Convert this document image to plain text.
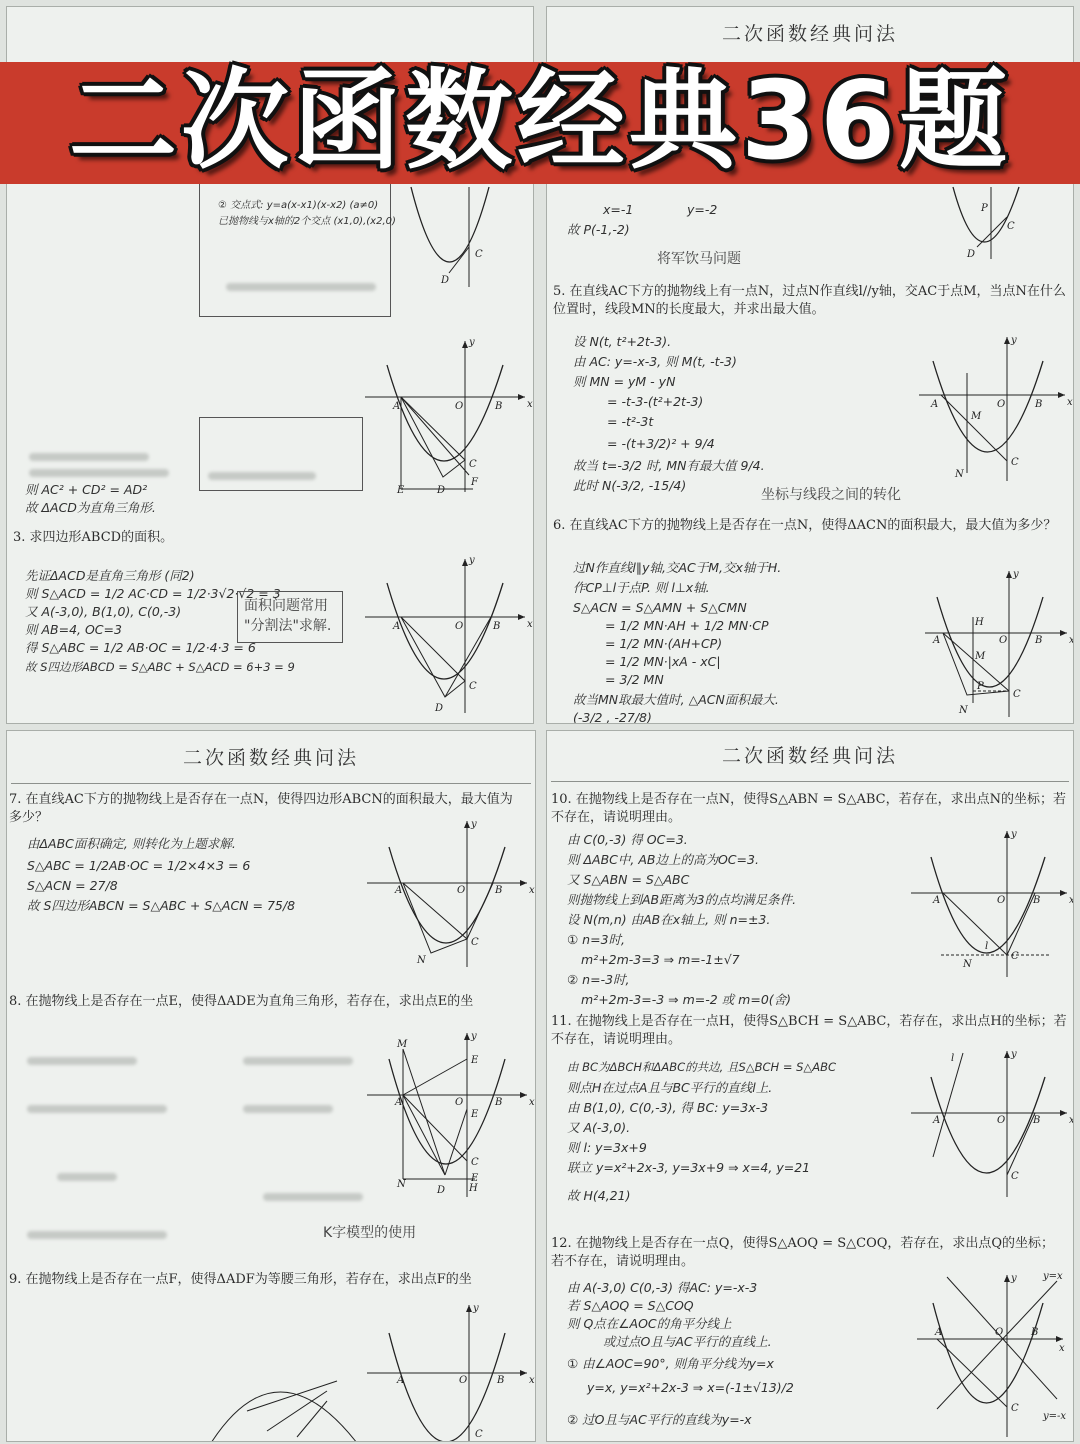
② 交点式: y=a(x-x1)(x-x2) (a≠0)
已抛物线与x轴的2个交点 (x1,0),(x2,0)
D
C
y
x
A	O	B
C
D
E
F
则 AC² + CD² = AD²
故 ΔACD为直角三角形.
3. 求四边形ABCD的面积。
先证ΔACD是直角三角形 (同2)
则 S△ACD = 1/2 AC·CD = 1/2·3√2·√2 = 3
又 A(-3,0), B(1,0), C(0,-3)
则 AB=4, OC=3
得 S△ABC = 1/2 AB·OC = 1/2·4·3 = 6
故 S四边形ABCD = S△ABC + S△ACD = 6+3 = 9
面积问题常用
"分割法"求解.
y
x
A	O	B
C
D
二次函数经典问法
x=-1	y=-2
故 P(-1,-2)
将军饮马问题	D
C
P
5. 在直线AC下方的抛物线上有一点N，过点N作直线l//y轴，交AC于点M，当点N在什么位置时，线段MN的长度最大，并求出最大值。
设 N(t, t²+2t-3).
由 AC: y=-x-3, 则 M(t, -t-3)
则 MN = yM - yN
= -t-3-(t²+2t-3)
= -t²-3t
= -(t+3/2)² + 9/4
故当 t=-3/2 时, MN有最大值 9/4.
此时 N(-3/2, -15/4)
坐标与线段之间的转化
y
x
A	O	B
C
M
N
6. 在直线AC下方的抛物线上是否存在一点N，使得ΔACN的面积最大，最大值为多少？
过N作直线l∥y轴,交AC于M,交x轴于H.
作CP⊥l于点P. 则 l⊥x轴.
S△ACN = S△AMN + S△CMN
= 1/2 MN·AH + 1/2 MN·CP
= 1/2 MN·(AH+CP)
= 1/2 MN·|xA - xC|
= 3/2 MN
故当MN取最大值时, △ACN面积最大.
(-3/2 , -27/8)
y
x
A	O	B
C
H
M
P
N
二次函数经典36题
二次函数经典问法
7. 在直线AC下方的抛物线上是否存在一点N，使得四边形ABCN的面积最大，最大值为多少？
由ΔABC面积确定, 则转化为上题求解.
S△ABC = 1/2AB·OC = 1/2×4×3 = 6
S△ACN = 27/8
故 S四边形ABCN = S△ABC + S△ACN = 75/8
y
x
A	O	B
C
N
8. 在抛物线上是否存在一点E，使得ΔADE为直角三角形，若存在，求出点E的坐
K字模型的使用
y
x
A	O	B
C
D
E
E
E
M
N	H
9. 在抛物线上是否存在一点F，使得ΔADF为等腰三角形，若存在，求出点F的坐
y
x
A	O	B
C
二次函数经典问法
10. 在抛物线上是否存在一点N，使得S△ABN = S△ABC，若存在，求出点N的坐标；若不存在，请说明理由。
由 C(0,-3) 得 OC=3.
则 ΔABC中, AB边上的高为OC=3.
又 S△ABN = S△ABC
则抛物线上到AB距离为3的点均满足条件.
设 N(m,n) 由AB在x轴上, 则 n=±3.
① n=3时,
m²+2m-3=3 ⇒ m=-1±√7
② n=-3时,
m²+2m-3=-3 ⇒ m=-2 或 m=0(舍)
y
x
A	O	B
C
l
N
11. 在抛物线上是否存在一点H，使得S△BCH = S△ABC，若存在，求出点H的坐标；若不存在，请说明理由。
由 BC为ΔBCH和ΔABC的共边, 且S△BCH = S△ABC
则点H在过点A且与BC平行的直线l上.
由 B(1,0), C(0,-3), 得 BC: y=3x-3
又 A(-3,0).
则 l: y=3x+9
联立 y=x²+2x-3, y=3x+9 ⇒ x=4, y=21
故 H(4,21)
y
x
A	O	B
C
l
12. 在抛物线上是否存在一点Q，使得S△AOQ = S△COQ，若存在，求出点Q的坐标；若不存在，请说明理由。
由 A(-3,0) C(0,-3) 得AC: y=-x-3
若 S△AOQ = S△COQ
则 Q点在∠AOC的角平分线上
或过点O且与AC平行的直线上.
① 由∠AOC=90°, 则角平分线为y=x
y=x, y=x²+2x-3 ⇒ x=(-1±√13)/2
② 过O且与AC平行的直线为y=-x
y
x
A	O	B
C
y=x
y=-x
